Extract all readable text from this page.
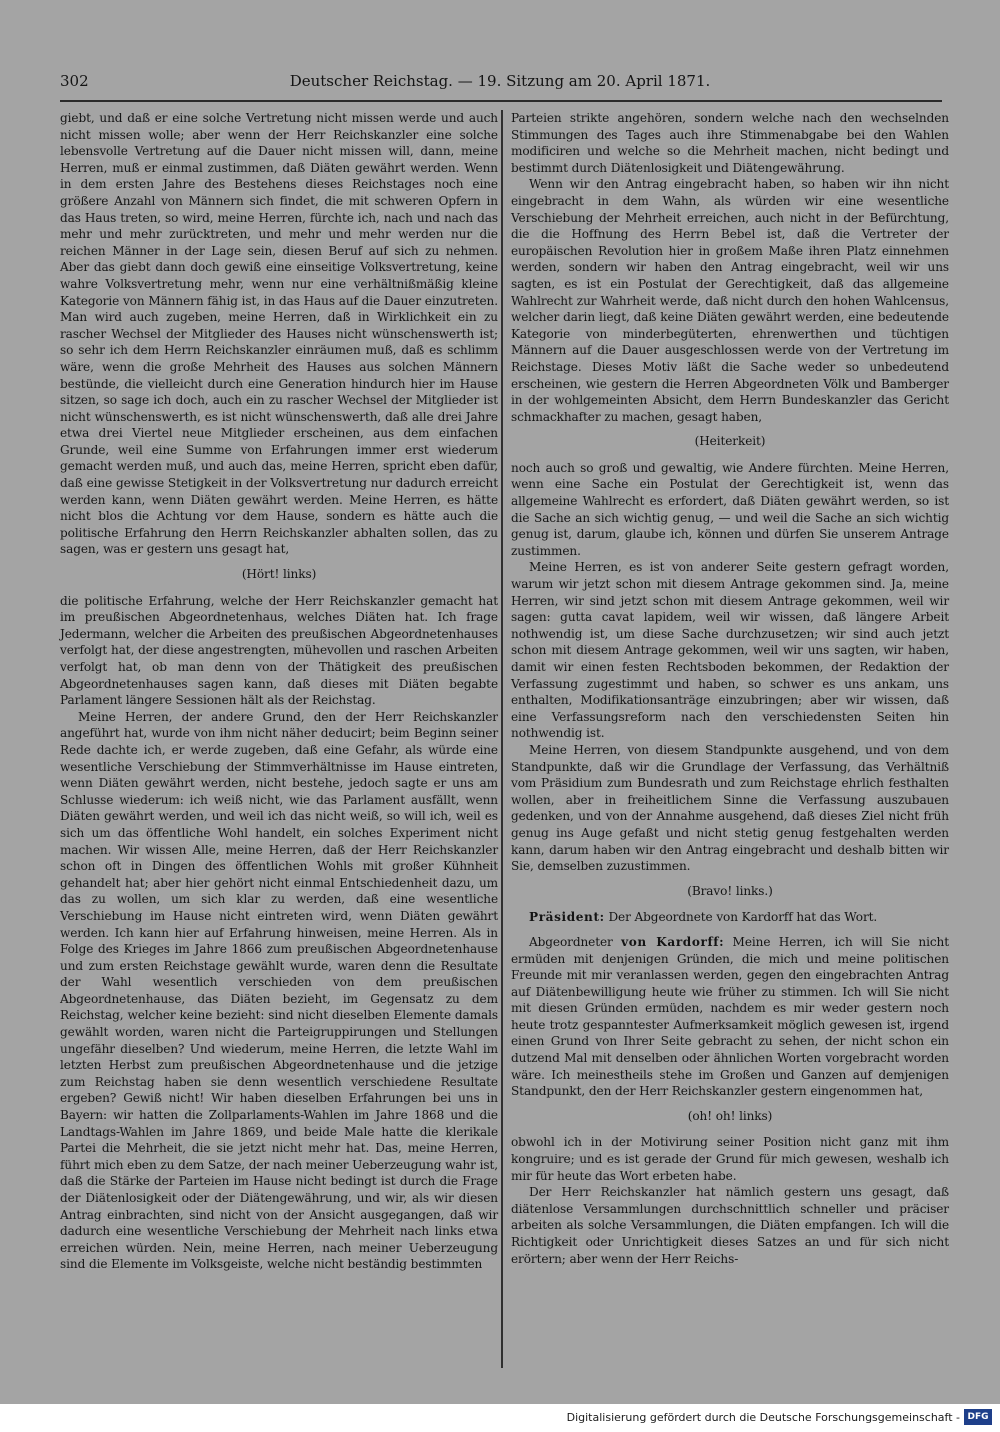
302	Deutscher Reichstag. — 19. Sitzung am 20. April 1871.

giebt, und daß er eine solche Vertretung nicht missen werde und auch nicht missen wolle; aber wenn der Herr Reichskanzler eine solche lebensvolle Vertretung auf die Dauer nicht missen will, dann, meine Herren, muß er einmal zustimmen, daß Diäten gewährt werden. Wenn in dem ersten Jahre des Bestehens dieses Reichstages noch eine größere Anzahl von Männern sich findet, die mit schweren Opfern in das Haus treten, so wird, meine Herren, fürchte ich, nach und nach das mehr und mehr zurücktreten, und mehr und mehr werden nur die reichen Männer in der Lage sein, diesen Beruf auf sich zu nehmen. Aber das giebt dann doch gewiß eine einseitige Volksvertretung, keine wahre Volksvertretung mehr, wenn nur eine verhältnißmäßig kleine Kategorie von Männern fähig ist, in das Haus auf die Dauer einzutreten. Man wird auch zugeben, meine Herren, daß in Wirklichkeit ein zu rascher Wechsel der Mitglieder des Hauses nicht wünschenswerth ist; so sehr ich dem Herrn Reichskanzler einräumen muß, daß es schlimm wäre, wenn die große Mehrheit des Hauses aus solchen Männern bestünde, die vielleicht durch eine Generation hindurch hier im Hause sitzen, so sage ich doch, auch ein zu rascher Wechsel der Mitglieder ist nicht wünschenswerth, es ist nicht wünschenswerth, daß alle drei Jahre etwa drei Viertel neue Mitglieder erscheinen, aus dem einfachen Grunde, weil eine Summe von Erfahrungen immer erst wiederum gemacht werden muß, und auch das, meine Herren, spricht eben dafür, daß eine gewisse Stetigkeit in der Volksvertretung nur dadurch erreicht werden kann, wenn Diäten gewährt werden. Meine Herren, es hätte nicht blos die Achtung vor dem Hause, sondern es hätte auch die politische Erfahrung den Herrn Reichskanzler abhalten sollen, das zu sagen, was er gestern uns gesagt hat,

(Hört! links)

die politische Erfahrung, welche der Herr Reichskanzler gemacht hat im preußischen Abgeordnetenhaus, welches Diäten hat. Ich frage Jedermann, welcher die Arbeiten des preußischen Abgeordnetenhauses verfolgt hat, der diese angestrengten, mühevollen und raschen Arbeiten verfolgt hat, ob man denn von der Thätigkeit des preußischen Abgeordnetenhauses sagen kann, daß dieses mit Diäten begabte Parlament längere Sessionen hält als der Reichstag.

Meine Herren, der andere Grund, den der Herr Reichskanzler angeführt hat, wurde von ihm nicht näher deducirt; beim Beginn seiner Rede dachte ich, er werde zugeben, daß eine Gefahr, als würde eine wesentliche Verschiebung der Stimmverhältnisse im Hause eintreten, wenn Diäten gewährt werden, nicht bestehe, jedoch sagte er uns am Schlusse wiederum: ich weiß nicht, wie das Parlament ausfällt, wenn Diäten gewährt werden, und weil ich das nicht weiß, so will ich, weil es sich um das öffentliche Wohl handelt, ein solches Experiment nicht machen. Wir wissen Alle, meine Herren, daß der Herr Reichskanzler schon oft in Dingen des öffentlichen Wohls mit großer Kühnheit gehandelt hat; aber hier gehört nicht einmal Entschiedenheit dazu, um das zu wollen, um sich klar zu werden, daß eine wesentliche Verschiebung im Hause nicht eintreten wird, wenn Diäten gewährt werden. Ich kann hier auf Erfahrung hinweisen, meine Herren. Als in Folge des Krieges im Jahre 1866 zum preußischen Abgeordnetenhause und zum ersten Reichstage gewählt wurde, waren denn die Resultate der Wahl wesentlich verschieden von dem preußischen Abgeordnetenhause, das Diäten bezieht, im Gegensatz zu dem Reichstag, welcher keine bezieht: sind nicht dieselben Elemente damals gewählt worden, waren nicht die Parteigruppirungen und Stellungen ungefähr dieselben? Und wiederum, meine Herren, die letzte Wahl im letzten Herbst zum preußischen Abgeordnetenhause und die jetzige zum Reichstag haben sie denn wesentlich verschiedene Resultate ergeben? Gewiß nicht! Wir haben dieselben Erfahrungen bei uns in Bayern: wir hatten die Zollparlaments-Wahlen im Jahre 1868 und die Landtags-Wahlen im Jahre 1869, und beide Male hatte die klerikale Partei die Mehrheit, die sie jetzt nicht mehr hat. Das, meine Herren, führt mich eben zu dem Satze, der nach meiner Ueberzeugung wahr ist, daß die Stärke der Parteien im Hause nicht bedingt ist durch die Frage der Diätenlosigkeit oder der Diätengewährung, und wir, als wir diesen Antrag einbrachten, sind nicht von der Ansicht ausgegangen, daß wir dadurch eine wesentliche Verschiebung der Mehrheit nach links etwa erreichen würden. Nein, meine Herren, nach meiner Ueberzeugung sind die Elemente im Volksgeiste, welche nicht beständig bestimmten

Parteien strikte angehören, sondern welche nach den wechselnden Stimmungen des Tages auch ihre Stimmenabgabe bei den Wahlen modificiren und welche so die Mehrheit machen, nicht bedingt und bestimmt durch Diätenlosigkeit und Diätengewährung.

Wenn wir den Antrag eingebracht haben, so haben wir ihn nicht eingebracht in dem Wahn, als würden wir eine wesentliche Verschiebung der Mehrheit erreichen, auch nicht in der Befürchtung, die die Hoffnung des Herrn Bebel ist, daß die Vertreter der europäischen Revolution hier in großem Maße ihren Platz einnehmen werden, sondern wir haben den Antrag eingebracht, weil wir uns sagten, es ist ein Postulat der Gerechtigkeit, daß das allgemeine Wahlrecht zur Wahrheit werde, daß nicht durch den hohen Wahlcensus, welcher darin liegt, daß keine Diäten gewährt werden, eine bedeutende Kategorie von minderbegüterten, ehrenwerthen und tüchtigen Männern auf die Dauer ausgeschlossen werde von der Vertretung im Reichstage. Dieses Motiv läßt die Sache weder so unbedeutend erscheinen, wie gestern die Herren Abgeordneten Völk und Bamberger in der wohlgemeinten Absicht, dem Herrn Bundeskanzler das Gericht schmackhafter zu machen, gesagt haben,

(Heiterkeit)

noch auch so groß und gewaltig, wie Andere fürchten. Meine Herren, wenn eine Sache ein Postulat der Gerechtigkeit ist, wenn das allgemeine Wahlrecht es erfordert, daß Diäten gewährt werden, so ist die Sache an sich wichtig genug, — und weil die Sache an sich wichtig genug ist, darum, glaube ich, können und dürfen Sie unserem Antrage zustimmen.

Meine Herren, es ist von anderer Seite gestern gefragt worden, warum wir jetzt schon mit diesem Antrage gekommen sind. Ja, meine Herren, wir sind jetzt schon mit diesem Antrage gekommen, weil wir sagen: gutta cavat lapidem, weil wir wissen, daß längere Arbeit nothwendig ist, um diese Sache durchzusetzen; wir sind auch jetzt schon mit diesem Antrage gekommen, weil wir uns sagten, wir haben, damit wir einen festen Rechtsboden bekommen, der Redaktion der Verfassung zugestimmt und haben, so schwer es uns ankam, uns enthalten, Modifikationsanträge einzubringen; aber wir wissen, daß eine Verfassungsreform nach den verschiedensten Seiten hin nothwendig ist.

Meine Herren, von diesem Standpunkte ausgehend, und von dem Standpunkte, daß wir die Grundlage der Verfassung, das Verhältniß vom Präsidium zum Bundesrath und zum Reichstage ehrlich festhalten wollen, aber in freiheitlichem Sinne die Verfassung auszubauen gedenken, und von der Annahme ausgehend, daß dieses Ziel nicht früh genug ins Auge gefaßt und nicht stetig genug festgehalten werden kann, darum haben wir den Antrag eingebracht und deshalb bitten wir Sie, demselben zuzustimmen.

(Bravo! links.)

Präsident: Der Abgeordnete von Kardorff hat das Wort.

Abgeordneter von Kardorff: Meine Herren, ich will Sie nicht ermüden mit denjenigen Gründen, die mich und meine politischen Freunde mit mir veranlassen werden, gegen den eingebrachten Antrag auf Diätenbewilligung heute wie früher zu stimmen. Ich will Sie nicht mit diesen Gründen ermüden, nachdem es mir weder gestern noch heute trotz gespanntester Aufmerksamkeit möglich gewesen ist, irgend einen Grund von Ihrer Seite gebracht zu sehen, der nicht schon ein dutzend Mal mit denselben oder ähnlichen Worten vorgebracht worden wäre. Ich meinestheils stehe im Großen und Ganzen auf demjenigen Standpunkt, den der Herr Reichskanzler gestern eingenommen hat,

(oh! oh! links)

obwohl ich in der Motivirung seiner Position nicht ganz mit ihm kongruire; und es ist gerade der Grund für mich gewesen, weshalb ich mir für heute das Wort erbeten habe.

Der Herr Reichskanzler hat nämlich gestern uns gesagt, daß diätenlose Versammlungen durchschnittlich schneller und präciser arbeiten als solche Versammlungen, die Diäten empfangen. Ich will die Richtigkeit oder Unrichtigkeit dieses Satzes an und für sich nicht erörtern; aber wenn der Herr Reichs-

Digitalisierung gefördert durch die Deutsche Forschungsgemeinschaft - DFG
